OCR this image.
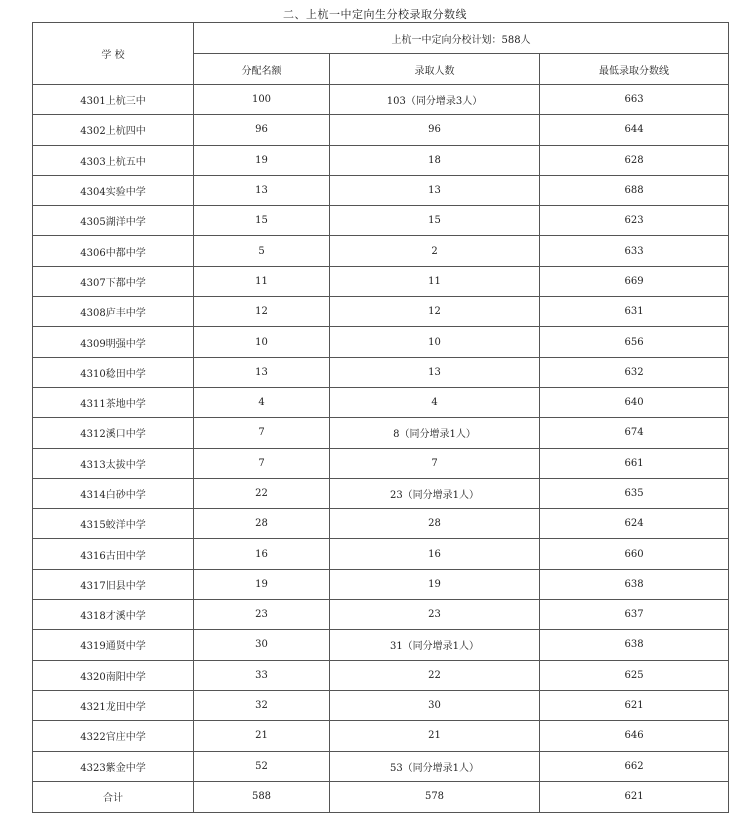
二、上杭一中定向生分校录取分数线
学 校	上杭一中定向分校计划：588人		
	分配名额	录取人数	最低录取分数线
4301上杭三中	100	103（同分增录3人）	663
4302上杭四中	96	96	644
4303上杭五中	19	18	628
4304实验中学	13	13	688
4305湖洋中学	15	15	623
4306中都中学	5	2	633
4307下都中学	11	11	669
4308庐丰中学	12	12	631
4309明强中学	10	10	656
4310稔田中学	13	13	632
4311茶地中学	4	4	640
4312溪口中学	7	8（同分增录1人）	674
4313太拔中学	7	7	661
4314白砂中学	22	23（同分增录1人）	635
4315蛟洋中学	28	28	624
4316古田中学	16	16	660
4317旧县中学	19	19	638
4318才溪中学	23	23	637
4319通贤中学	30	31（同分增录1人）	638
4320南阳中学	33	22	625
4321龙田中学	32	30	621
4322官庄中学	21	21	646
4323紫金中学	52	53（同分增录1人）	662
合计	588	578	621
